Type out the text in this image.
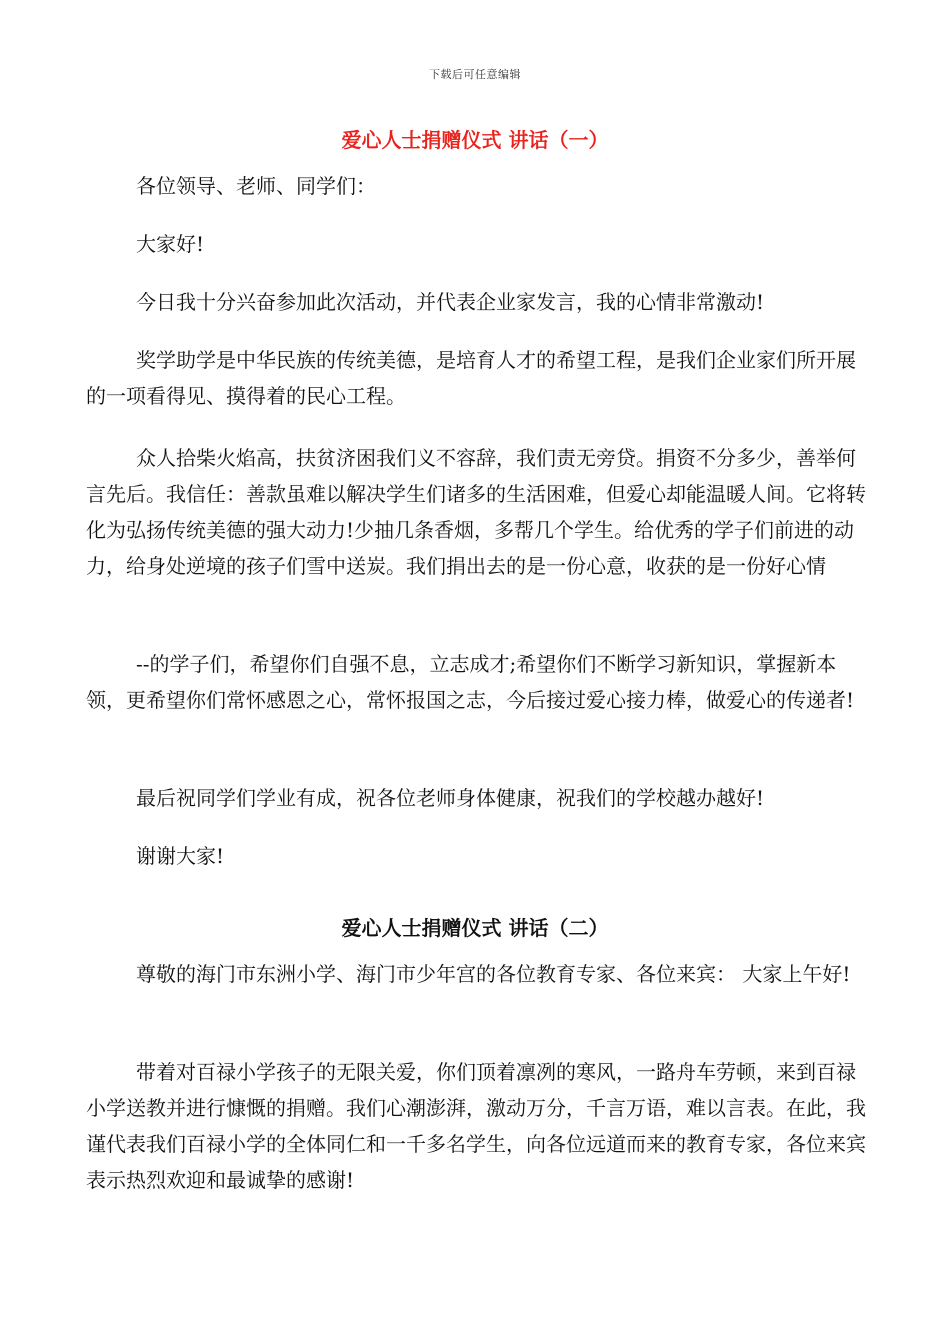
下载后可任意编辑
爱心人士捐赠仪式 讲话（一）

各位领导、老师、同学们：

大家好!

今日我十分兴奋参加此次活动，并代表企业家发言，我的心情非常激动!

奖学助学是中华民族的传统美德，是培育人才的希望工程，是我们企业家们所开展的一项看得见、摸得着的民心工程。

众人拾柴火焰高，扶贫济困我们义不容辞，我们责无旁贷。捐资不分多少，善举何言先后。我信任：善款虽难以解决学生们诸多的生活困难，但爱心却能温暖人间。它将转化为弘扬传统美德的强大动力!少抽几条香烟，多帮几个学生。给优秀的学子们前进的动力，给身处逆境的孩子们雪中送炭。我们捐出去的是一份心意，收获的是一份好心情

--的学子们，希望你们自强不息，立志成才;希望你们不断学习新知识，掌握新本领，更希望你们常怀感恩之心，常怀报国之志，今后接过爱心接力棒，做爱心的传递者!

最后祝同学们学业有成，祝各位老师身体健康，祝我们的学校越办越好!

谢谢大家!

爱心人士捐赠仪式 讲话（二）

尊敬的海门市东洲小学、海门市少年宫的各位教育专家、各位来宾： 大家上午好!

带着对百禄小学孩子的无限关爱，你们顶着凛冽的寒风，一路舟车劳顿，来到百禄小学送教并进行慷慨的捐赠。我们心潮澎湃，激动万分，千言万语，难以言表。在此，我谨代表我们百禄小学的全体同仁和一千多名学生，向各位远道而来的教育专家，各位来宾表示热烈欢迎和最诚挚的感谢!
